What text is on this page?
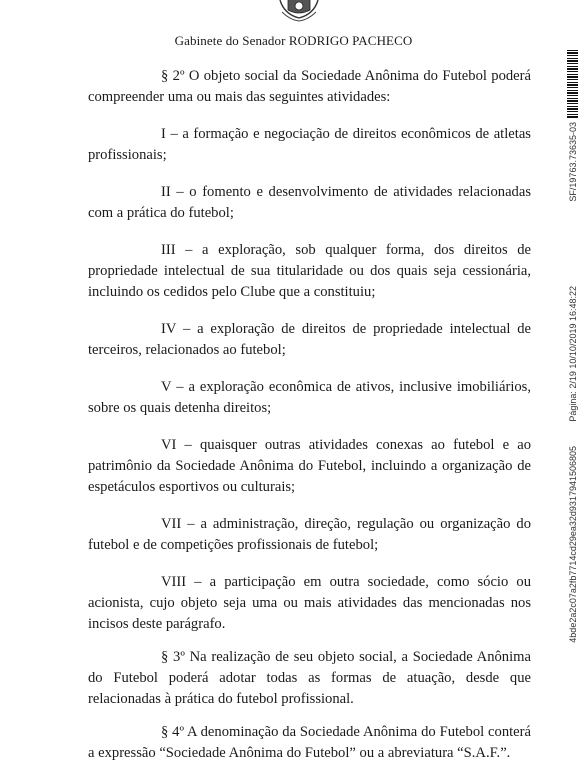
Gabinete do Senador RODRIGO PACHECO

§ 2º O objeto social da Sociedade Anônima do Futebol poderá compreender uma ou mais das seguintes atividades:

I – a formação e negociação de direitos econômicos de atletas profissionais;

II – o fomento e desenvolvimento de atividades relacionadas com a prática do futebol;

III – a exploração, sob qualquer forma, dos direitos de propriedade intelectual de sua titularidade ou dos quais seja cessionária, incluindo os cedidos pelo Clube que a constituiu;

IV – a exploração de direitos de propriedade intelectual de terceiros, relacionados ao futebol;

V – a exploração econômica de ativos, inclusive imobiliários, sobre os quais detenha direitos;

VI – quaisquer outras atividades conexas ao futebol e ao patrimônio da Sociedade Anônima do Futebol, incluindo a organização de espetáculos esportivos ou culturais;

VII – a administração, direção, regulação ou organização do futebol e de competições profissionais de futebol;

VIII – a participação em outra sociedade, como sócio ou acionista, cujo objeto seja uma ou mais atividades das mencionadas nos incisos deste parágrafo.

§ 3º Na realização de seu objeto social, a Sociedade Anônima do Futebol poderá adotar todas as formas de atuação, desde que relacionadas à prática do futebol profissional.

§ 4º A denominação da Sociedade Anônima do Futebol conterá a expressão “Sociedade Anônima do Futebol” ou a abreviatura “S.A.F.”.

SF/19763.73635-03
Página: 2/19 10/10/2019 16:48:22
4bde2a2c07a2fb7714cd29ea32d9317941506805
